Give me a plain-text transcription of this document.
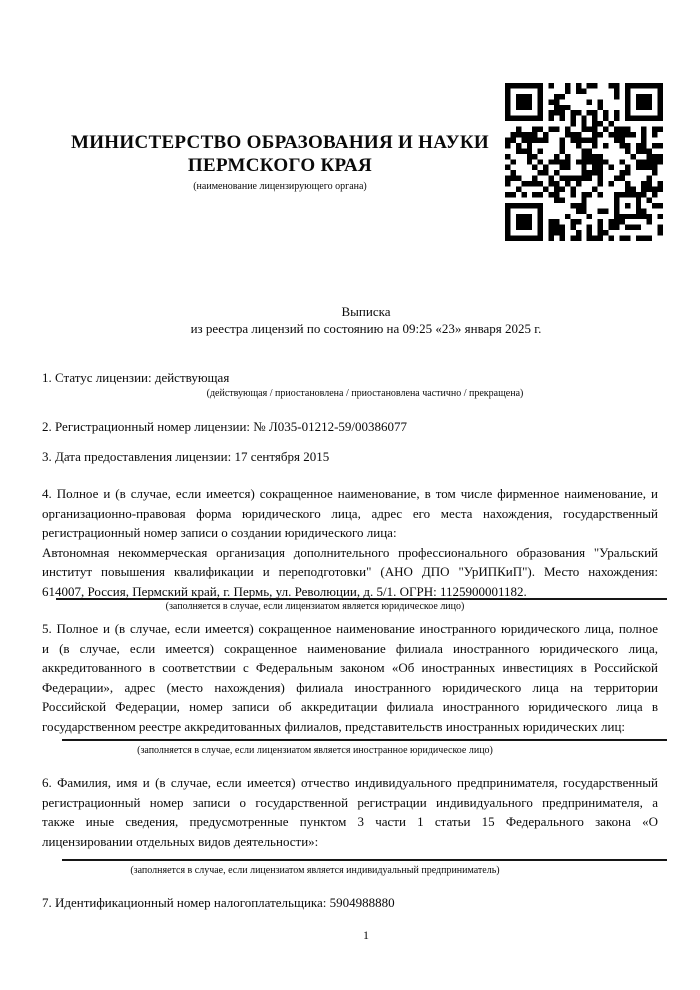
МИНИСТЕРСТВО ОБРАЗОВАНИЯ И НАУКИ
ПЕРМСКОГО КРАЯ
(наименование лицензирующего органа)
Выписка
из реестра лицензий по состоянию на 09:25 «23» января 2025 г.
1. Статус лицензии: действующая
(действующая / приостановлена / приостановлена частично / прекращена)
2. Регистрационный номер лицензии: № Л035-01212-59/00386077
3. Дата предоставления лицензии: 17 сентября 2015
4. Полное и (в случае, если имеется) сокращенное наименование, в том числе фирменное наименование, и
организационно-правовая форма юридического лица, адрес его места нахождения, государственный
регистрационный номер записи о создании юридического лица:
Автономная некоммерческая организация дополнительного профессионального образования "Уральский
институт повышения квалификации и переподготовки" (АНО ДПО "УрИПКиП"). Место нахождения:
614007, Россия, Пермский край, г. Пермь, ул. Революции, д. 5/1. ОГРН: 1125900001182.
(заполняется в случае, если лицензиатом является юридическое лицо)
5. Полное и (в случае, если имеется) сокращенное наименование иностранного юридического лица, полное
и (в случае, если имеется) сокращенное наименование филиала иностранного юридического лица,
аккредитованного в соответствии с Федеральным законом «Об иностранных инвестициях в Российской
Федерации», адрес (место нахождения) филиала иностранного юридического лица на территории
Российской Федерации, номер записи об аккредитации филиала иностранного юридического лица в
государственном реестре аккредитованных филиалов, представительств иностранных юридических лиц:
(заполняется в случае, если лицензиатом является иностранное юридическое лицо)
6. Фамилия, имя и (в случае, если имеется) отчество индивидуального предпринимателя, государственный
регистрационный номер записи о государственной регистрации индивидуального предпринимателя, а
также иные сведения, предусмотренные пунктом 3 части 1 статьи 15 Федерального закона «О
лицензировании отдельных видов деятельности»:
(заполняется в случае, если лицензиатом является индивидуальный предприниматель)
7. Идентификационный номер налогоплательщика: 5904988880
1
